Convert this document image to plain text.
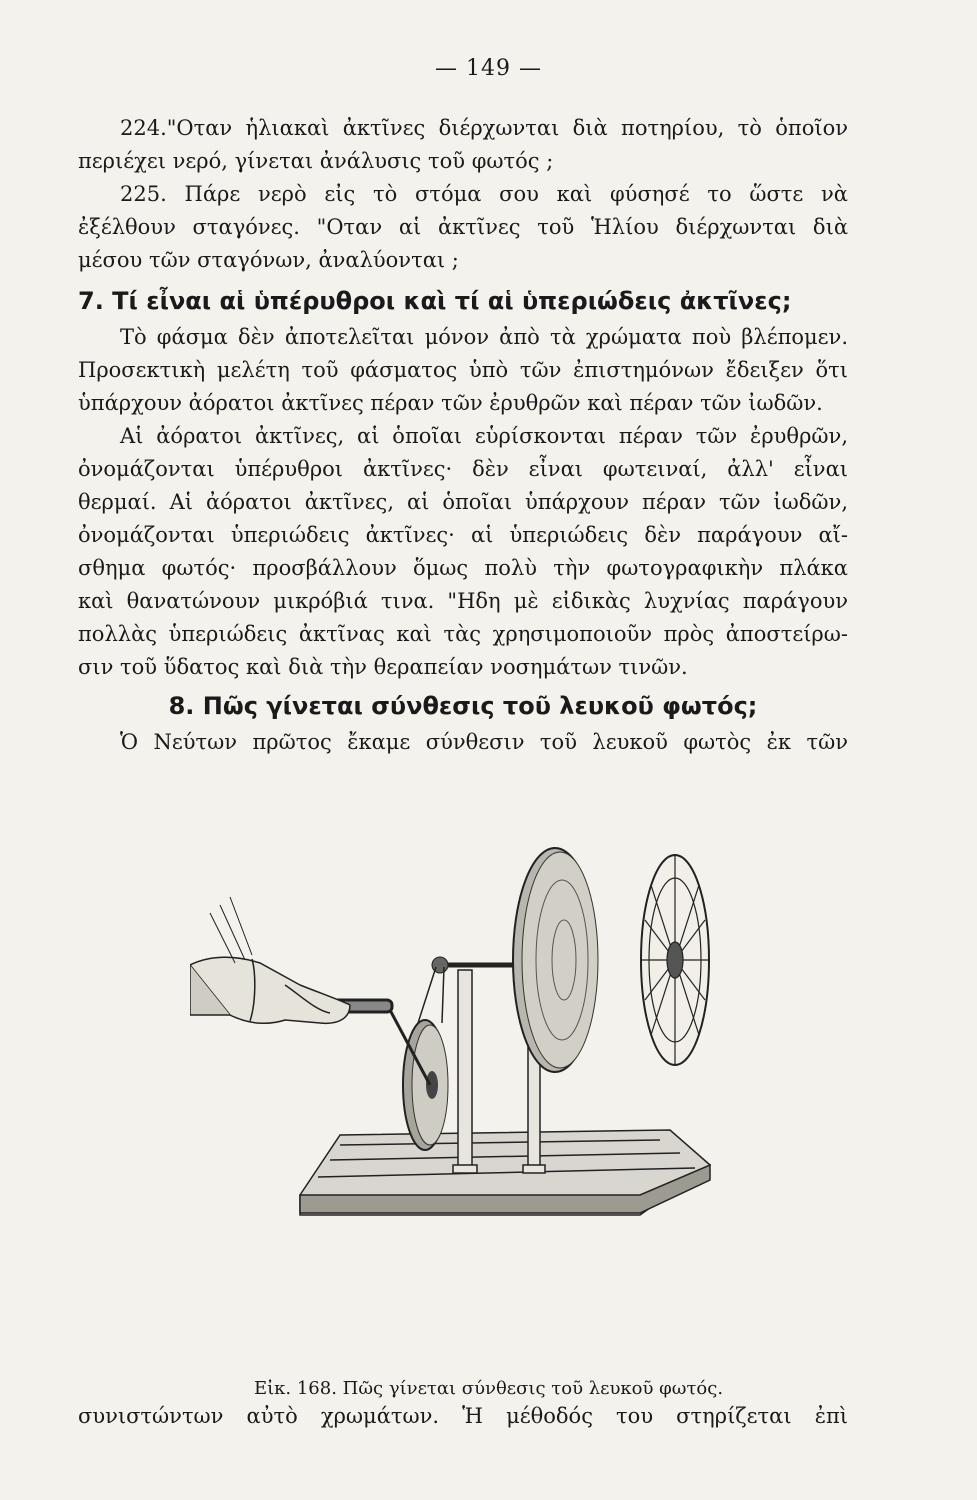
— 149 —
224."Οταν ἡλιακαὶ ἀκτῖνες διέρχωνται διὰ ποτηρίου, τὸ ὁποῖον
περιέχει νερό, γίνεται ἀνάλυσις τοῦ φωτός ;
225. Πάρε νερὸ εἰς τὸ στόμα σου καὶ φύσησέ το ὥστε νὰ
ἐξέλθουν σταγόνες. "Οταν αἱ ἀκτῖνες τοῦ Ἡλίου διέρχωνται διὰ
μέσου τῶν σταγόνων, ἀναλύονται ;
7. Τί εἶναι αἱ ὑπέρυθροι καὶ τί αἱ ὑπεριώδεις ἀκτῖνες;
Τὸ φάσμα δὲν ἀποτελεῖται μόνον ἀπὸ τὰ χρώματα ποὺ βλέπομεν.
Προσεκτικὴ μελέτη τοῦ φάσματος ὑπὸ τῶν ἐπιστημόνων ἔδειξεν ὅτι
ὑπάρχουν ἀόρατοι ἀκτῖνες πέραν τῶν ἐρυθρῶν καὶ πέραν τῶν ἰωδῶν.
Αἱ ἀόρατοι ἀκτῖνες, αἱ ὁποῖαι εὑρίσκονται πέραν τῶν ἐρυθρῶν,
ὀνομάζονται ὑπέρυθροι ἀκτῖνες· δὲν εἶναι φωτειναί, ἀλλ' εἶναι
θερμαί. Αἱ ἀόρατοι ἀκτῖνες, αἱ ὁποῖαι ὑπάρχουν πέραν τῶν ἰωδῶν,
ὀνομάζονται ὑπεριώδεις ἀκτῖνες· αἱ ὑπεριώδεις δὲν παράγουν αἴ-
σθημα φωτός· προσβάλλουν ὅμως πολὺ τὴν φωτογραφικὴν πλάκα
καὶ θανατώνουν μικρόβιά τινα. "Ηδη μὲ εἰδικὰς λυχνίας παράγουν
πολλὰς ὑπεριώδεις ἀκτῖνας καὶ τὰς χρησιμοποιοῦν πρὸς ἀποστείρω-
σιν τοῦ ὕδατος καὶ διὰ τὴν θεραπείαν νοσημάτων τινῶν.
8. Πῶς γίνεται σύνθεσις τοῦ λευκοῦ φωτός;
Ὁ Νεύτων πρῶτος ἔκαμε σύνθεσιν τοῦ λευκοῦ φωτὸς ἐκ τῶν
Εἰκ. 168. Πῶς γίνεται σύνθεσις τοῦ λευκοῦ φωτός.
συνιστώντων αὐτὸ χρωμάτων. Ἡ μέθοδός του στηρίζεται ἐπὶ
